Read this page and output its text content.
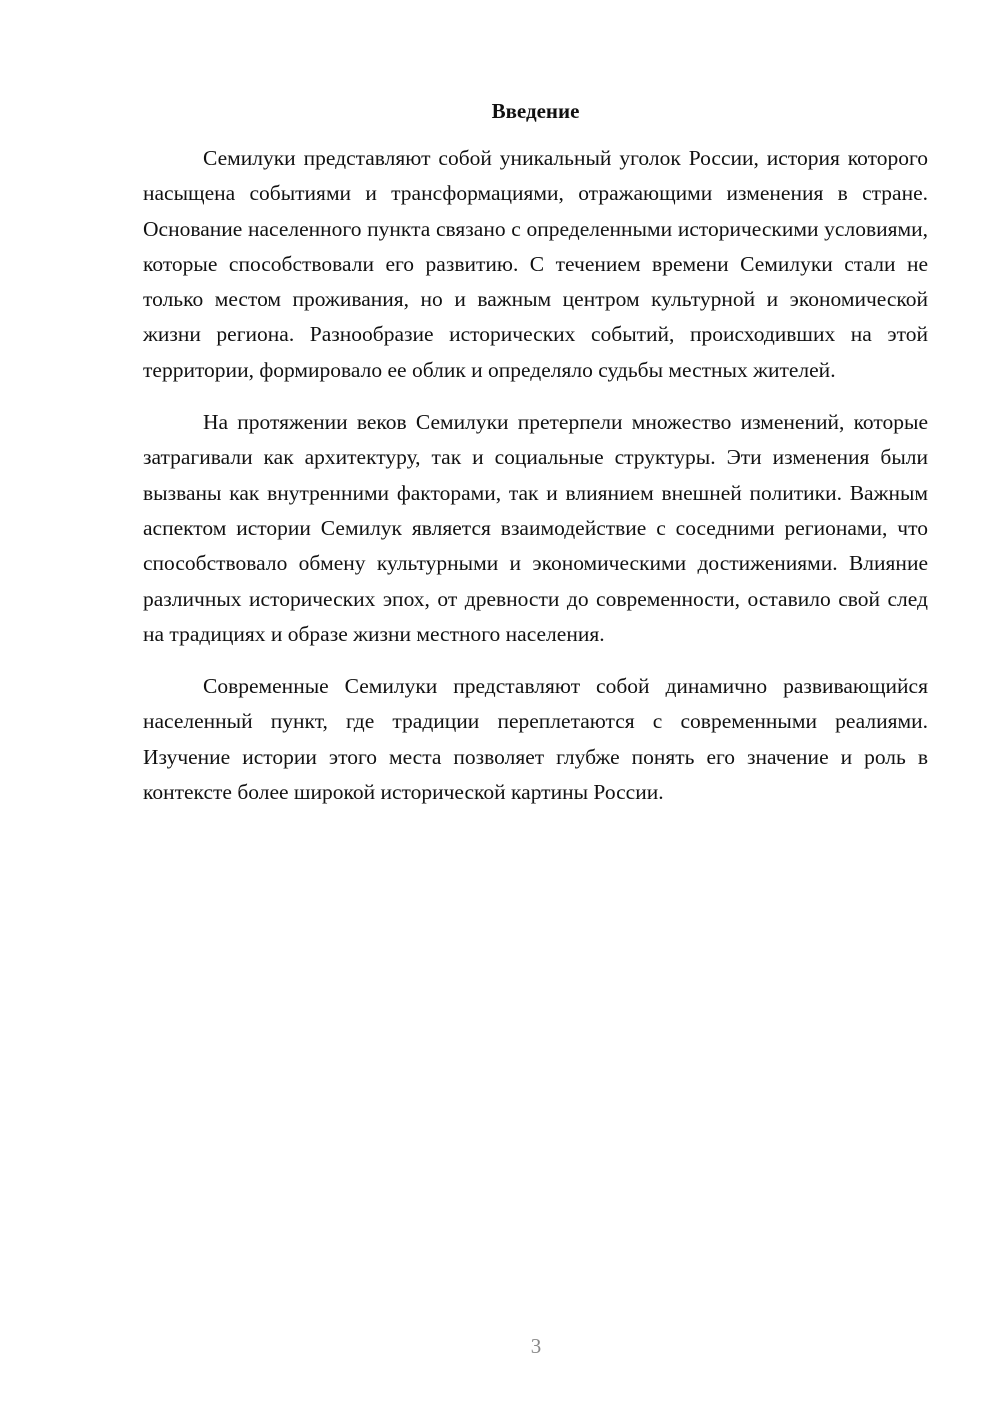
Введение

Семилуки представляют собой уникальный уголок России, история которого насыщена событиями и трансформациями, отражающими изменения в стране. Основание населенного пункта связано с определенными историческими условиями, которые способствовали его развитию. С течением времени Семилуки стали не только местом проживания, но и важным центром культурной и экономической жизни региона. Разнообразие исторических событий, происходивших на этой территории, формировало ее облик и определяло судьбы местных жителей.

На протяжении веков Семилуки претерпели множество изменений, которые затрагивали как архитектуру, так и социальные структуры. Эти изменения были вызваны как внутренними факторами, так и влиянием внешней политики. Важным аспектом истории Семилук является взаимодействие с соседними регионами, что способствовало обмену культурными и экономическими достижениями. Влияние различных исторических эпох, от древности до современности, оставило свой след на традициях и образе жизни местного населения.

Современные Семилуки представляют собой динамично развивающийся населенный пункт, где традиции переплетаются с современными реалиями. Изучение истории этого места позволяет глубже понять его значение и роль в контексте более широкой исторической картины России.

3
